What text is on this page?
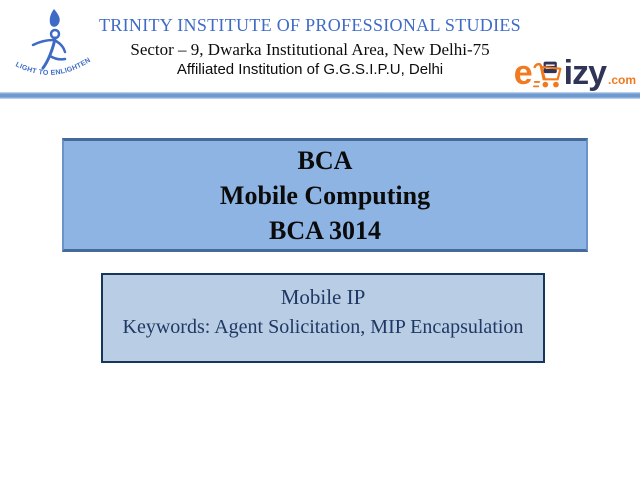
LIGHT TO ENLIGHTEN
TRINITY INSTITUTE OF PROFESSIONAL STUDIES
Sector – 9, Dwarka Institutional Area, New Delhi-75
Affiliated Institution of G.G.S.I.P.U, Delhi	e izy .com
BCA
Mobile Computing
BCA 3014
Mobile IP
Keywords: Agent Solicitation, MIP Encapsulation
